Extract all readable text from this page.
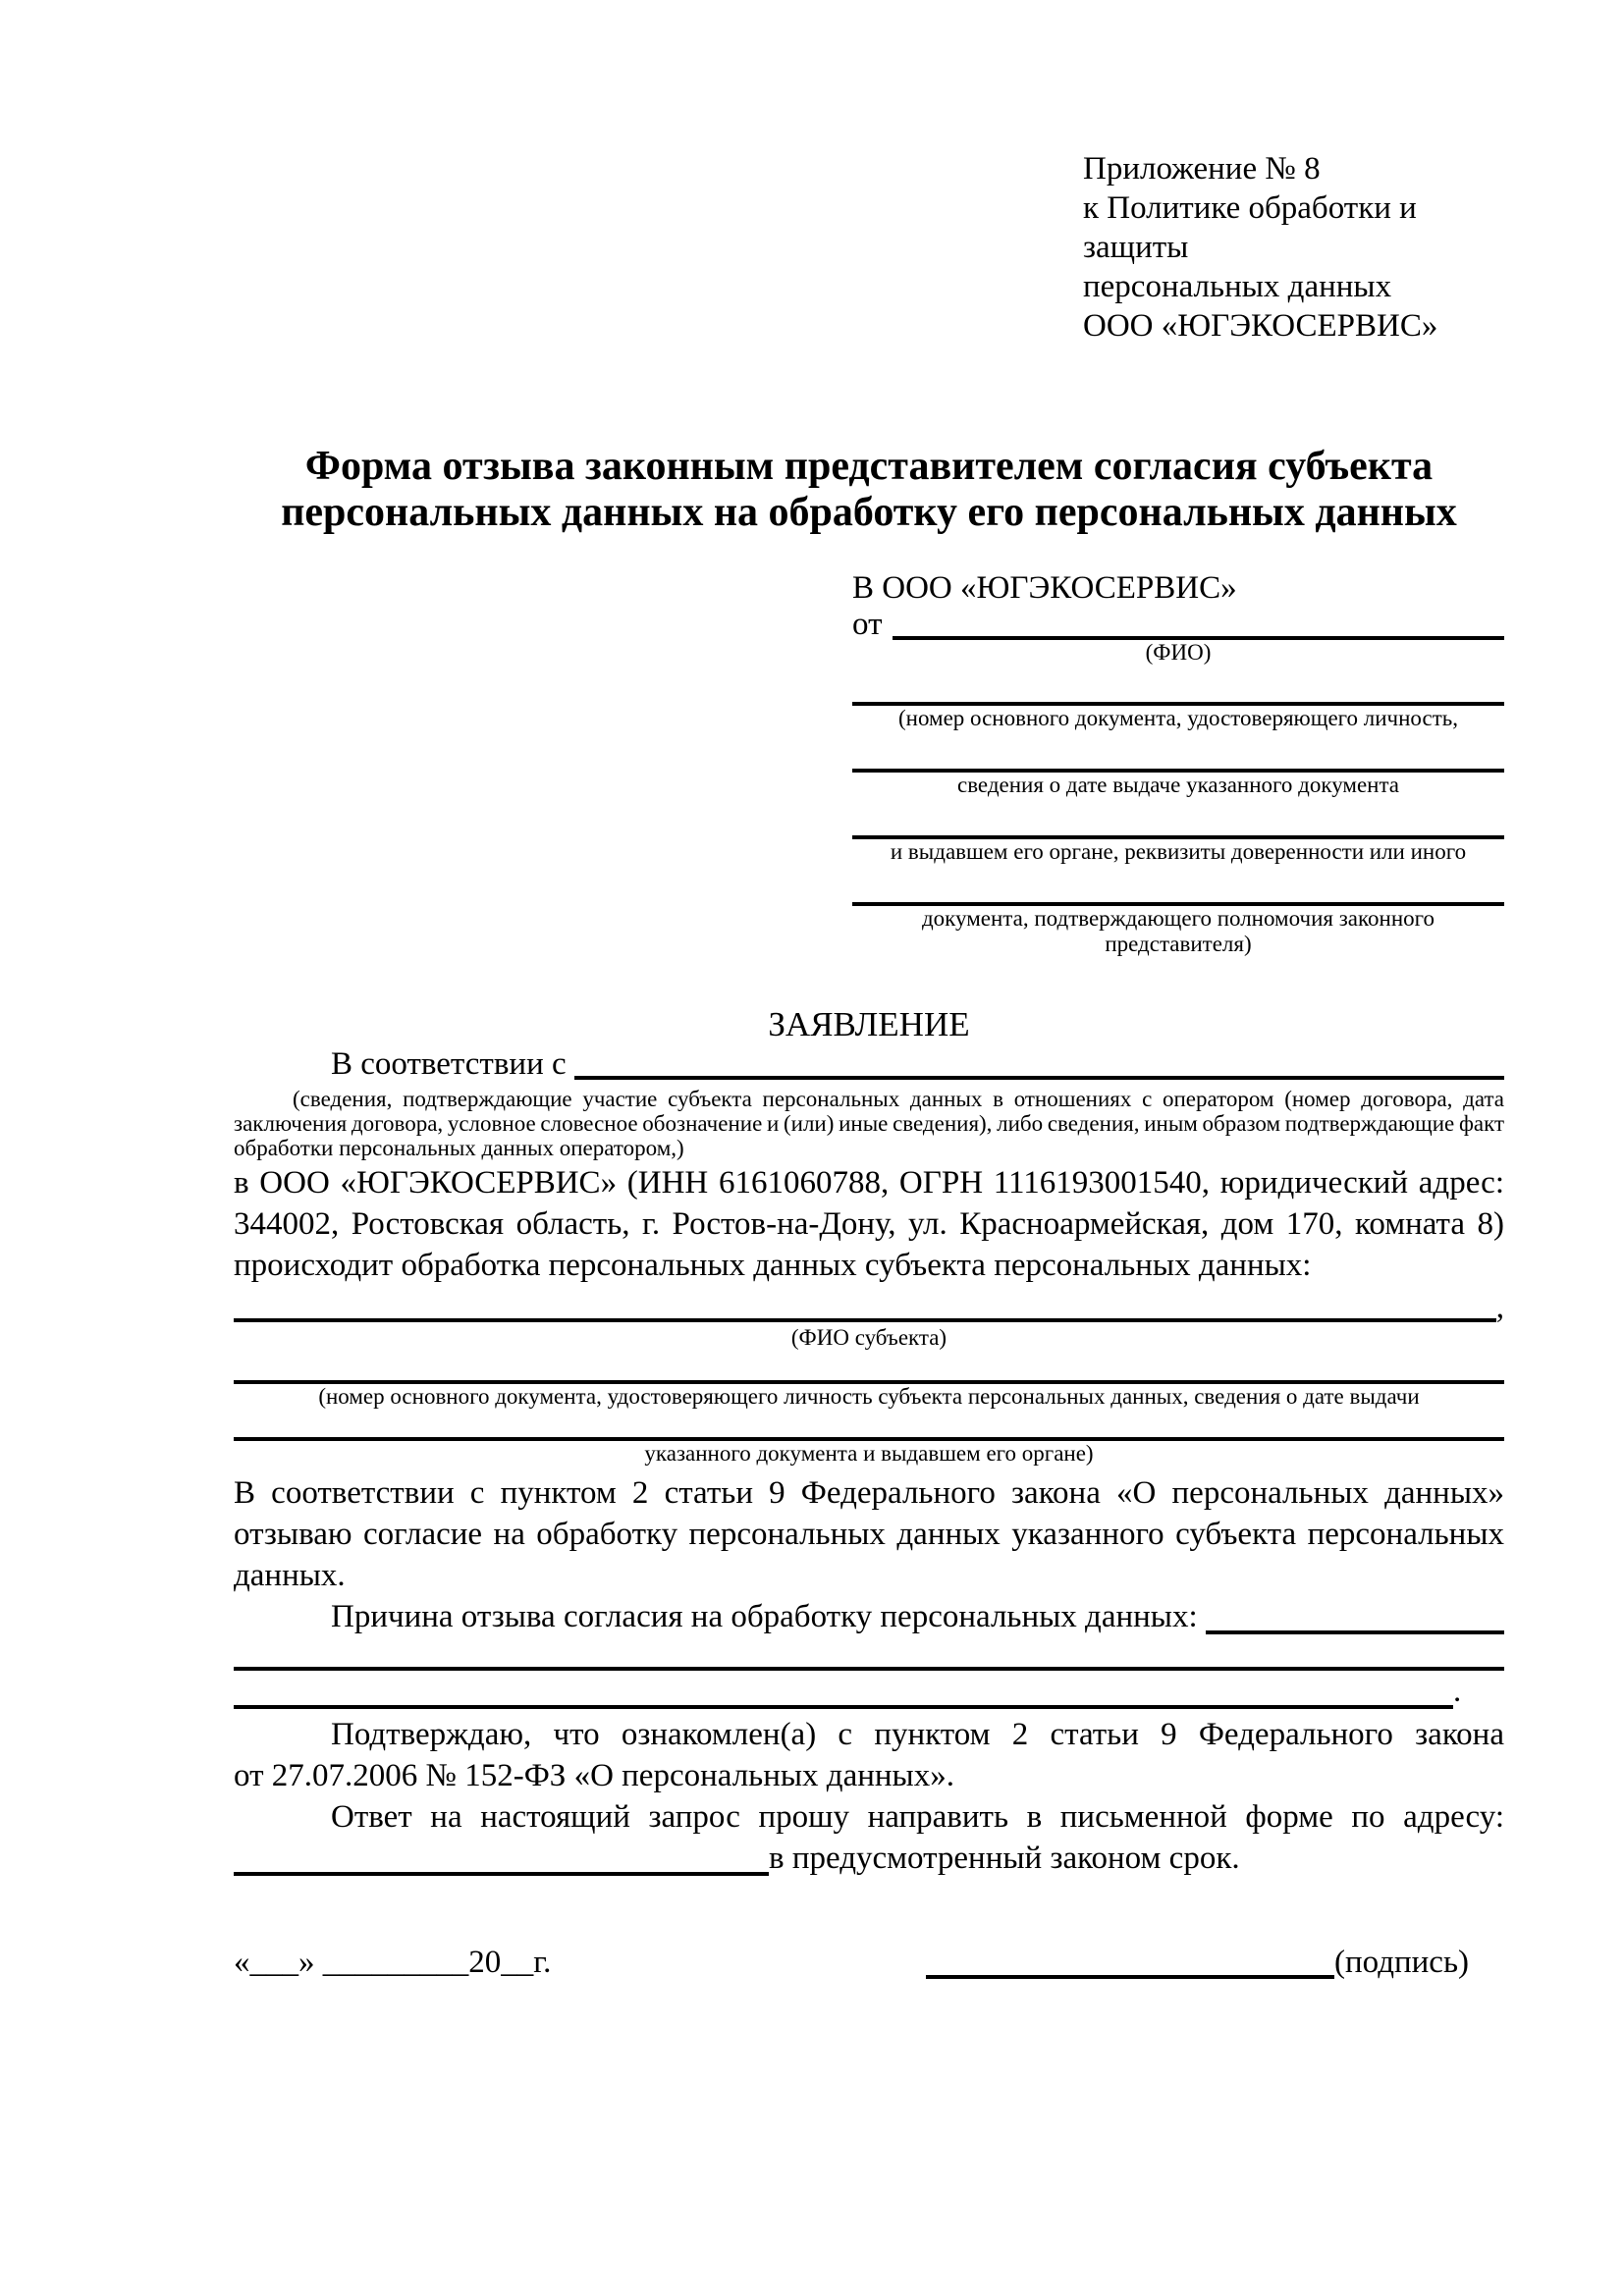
Приложение № 8
к Политике обработки и защиты
персональных данных
ООО «ЮГЭКОСЕРВИС»
Форма отзыва законным представителем согласия субъекта
персональных данных на обработку его персональных данных
В ООО «ЮГЭКОСЕРВИС»
от
(ФИО)
(номер основного документа, удостоверяющего личность,
сведения о дате выдаче указанного документа
и выдавшем его органе, реквизиты доверенности или иного
документа, подтверждающего полномочия законного представителя)
ЗАЯВЛЕНИЕ
В соответствии с
(сведения, подтверждающие участие субъекта персональных данных в отношениях с оператором (номер договора, дата
заключения договора, условное словесное обозначение и (или) иные сведения), либо сведения, иным образом подтверждающие факт
обработки персональных данных оператором,)
в ООО «ЮГЭКОСЕРВИС» (ИНН 6161060788, ОГРН 1116193001540, юридический адрес:
344002, Ростовская область, г. Ростов-на-Дону, ул. Красноармейская, дом 170, комната 8)
происходит обработка персональных данных субъекта персональных данных:
,
(ФИО субъекта)
(номер основного документа, удостоверяющего личность субъекта персональных данных, сведения о дате выдачи
указанного документа и выдавшем его органе)
В соответствии с пунктом 2 статьи 9 Федерального закона «О персональных данных»
отзываю согласие на обработку персональных данных указанного субъекта персональных
данных.
Причина отзыва согласия на обработку персональных данных:
.
Подтверждаю, что ознакомлен(а) с пунктом 2 статьи 9 Федерального закона
от 27.07.2006 № 152-ФЗ «О персональных данных».
Ответ на настоящий запрос прошу направить в письменной форме по адресу:
в предусмотренный законом срок.
«___» _________20__г.	(подпись)
